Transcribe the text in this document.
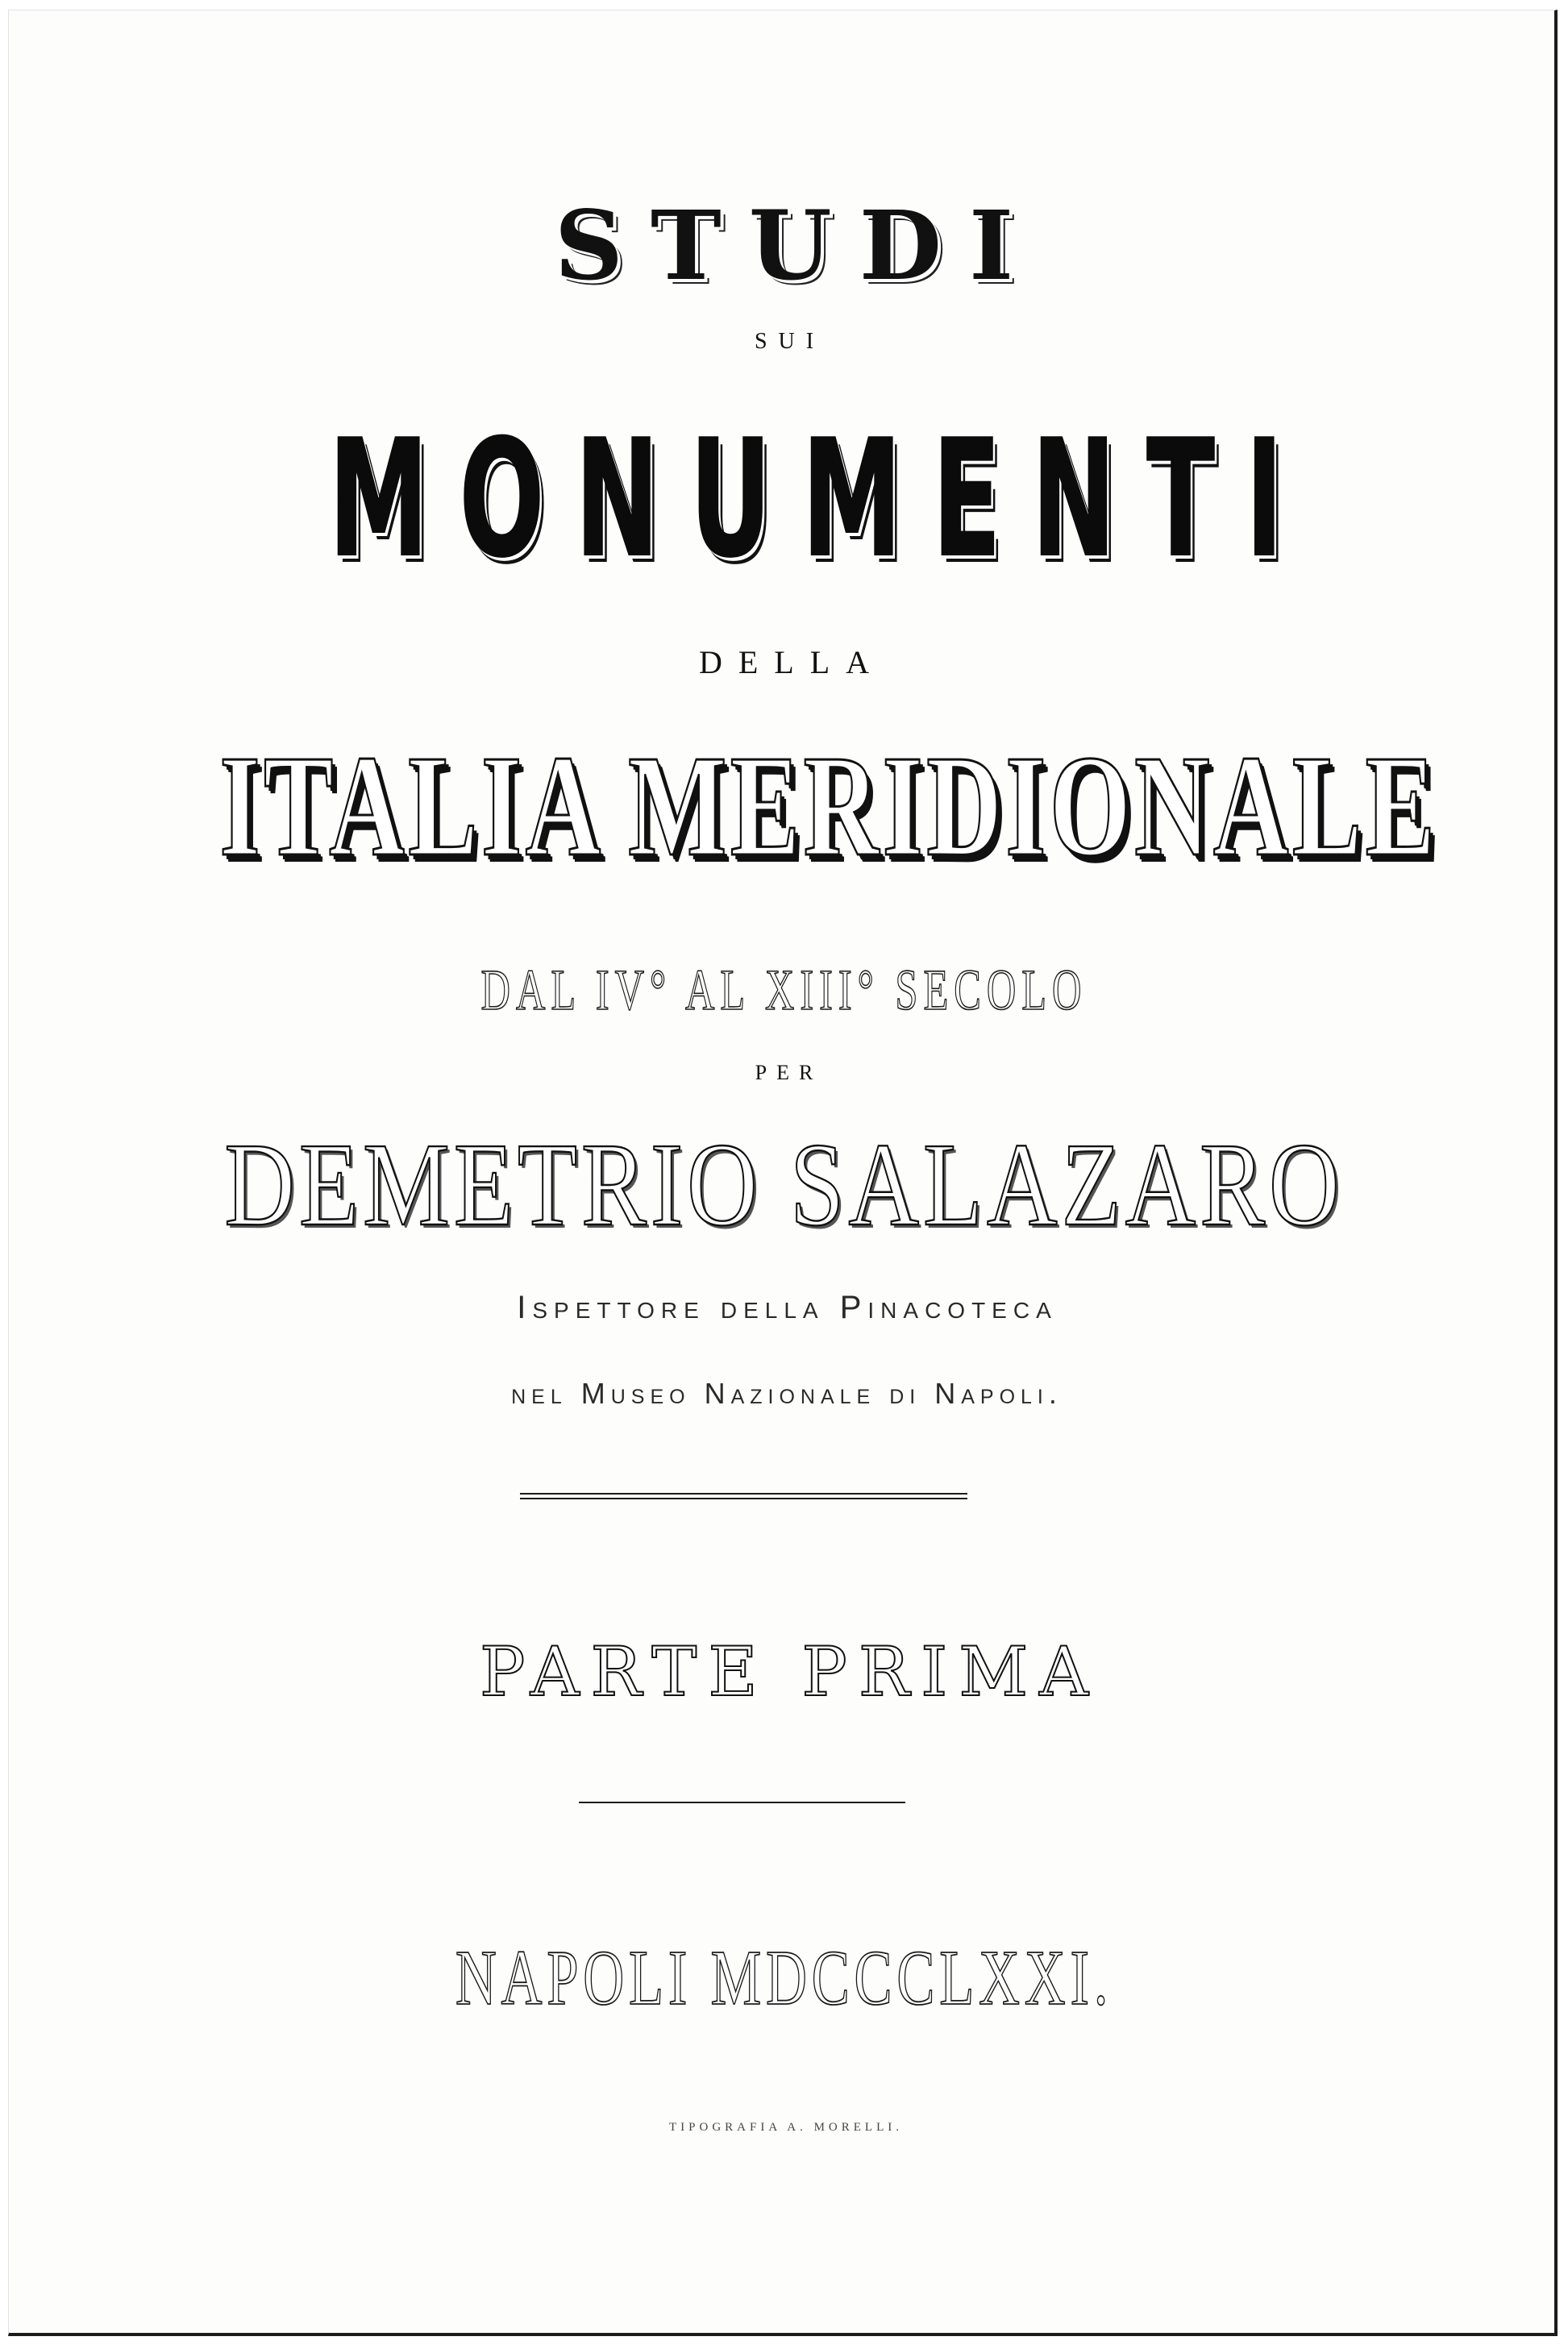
STUDI
SUI
MONUMENTI
DELLA
ITALIA MERIDIONALE
DAL IV° AL XIII° SECOLO
PER
DEMETRIO SALAZARO
Ispettore della Pinacoteca
nel Museo Nazionale di Napoli.
PARTE PRIMA
NAPOLI MDCCCLXXI.
TIPOGRAFIA A. MORELLI.
